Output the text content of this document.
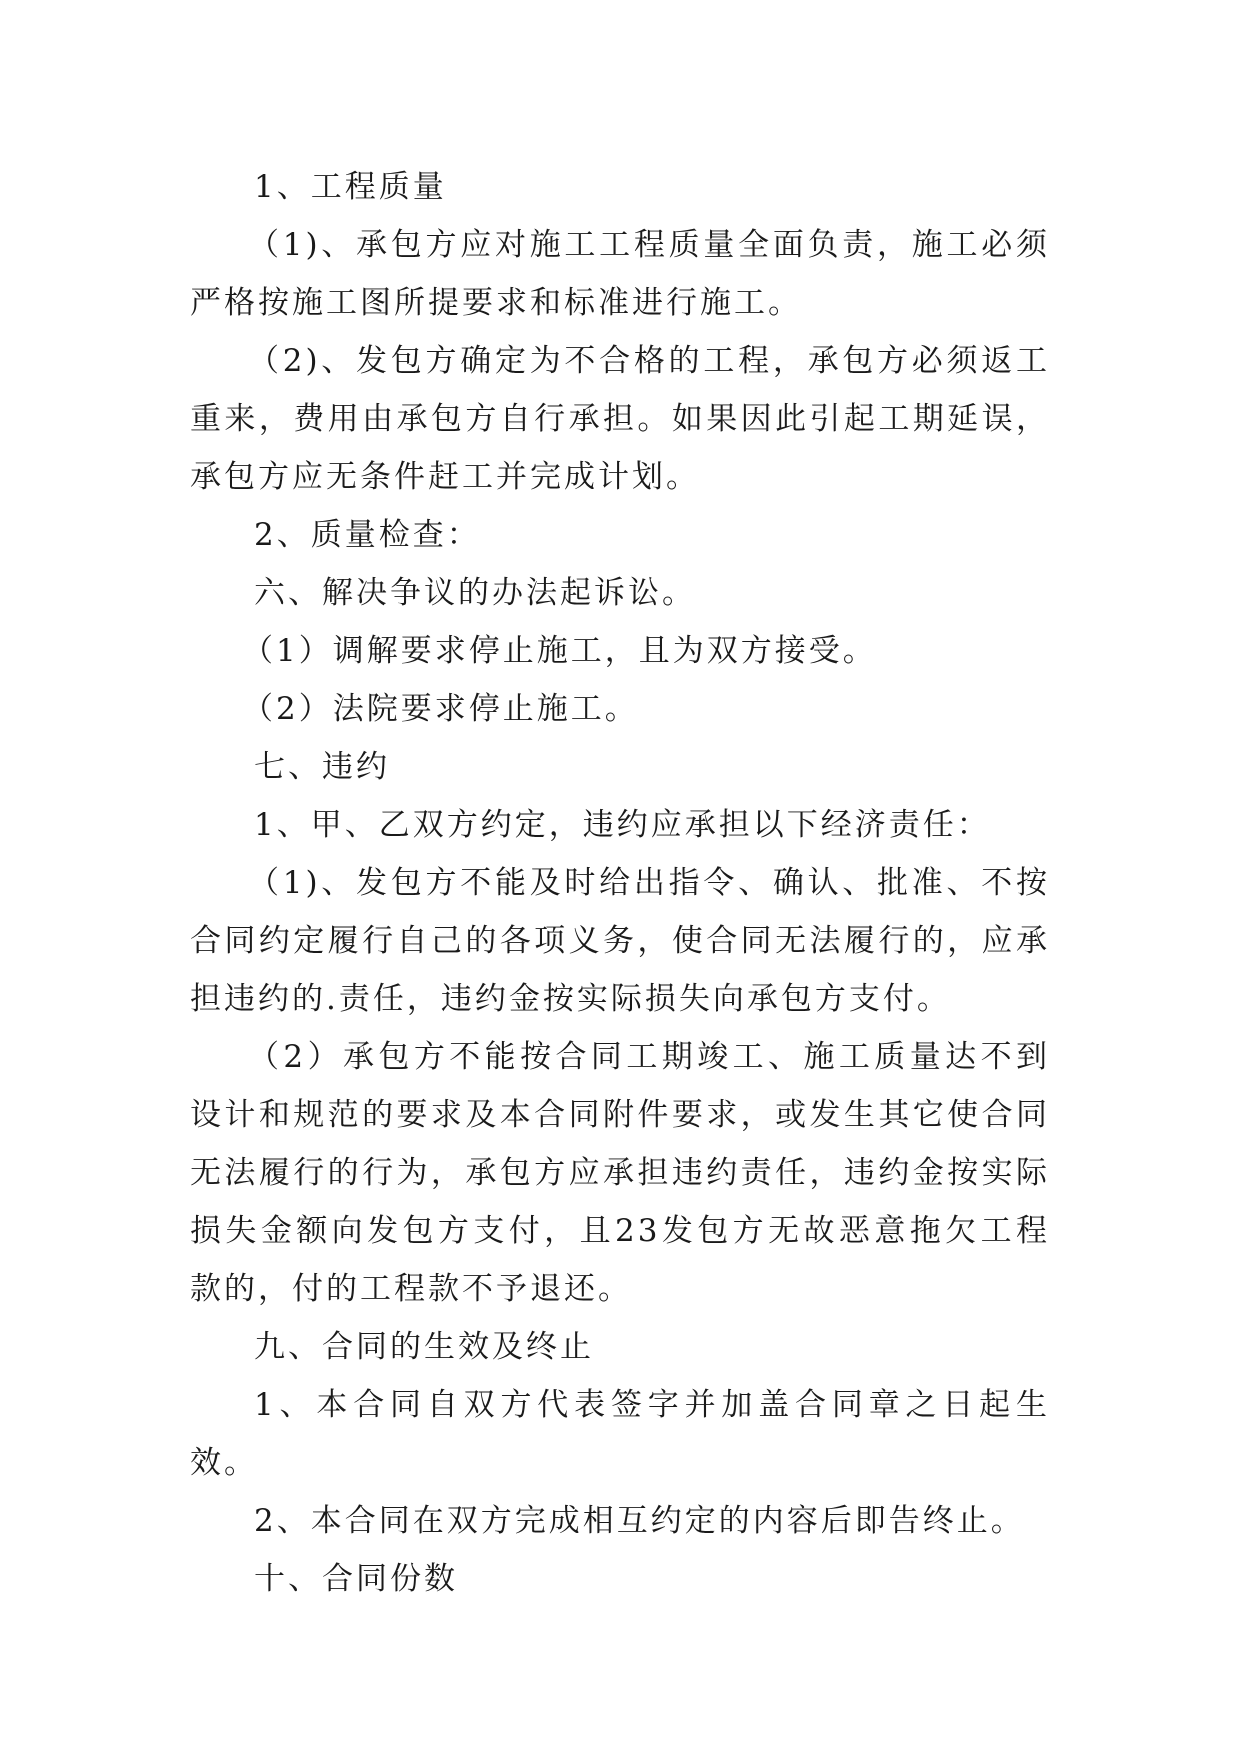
1、工程质量

（1)、承包方应对施工工程质量全面负责，施工必须严格按施工图所提要求和标准进行施工。

（2)、发包方确定为不合格的工程，承包方必须返工重来，费用由承包方自行承担。如果因此引起工期延误，承包方应无条件赶工并完成计划。

2、质量检查：

六、解决争议的办法起诉讼。

（1）调解要求停止施工，且为双方接受。

（2）法院要求停止施工。

七、违约

1、甲、乙双方约定，违约应承担以下经济责任：

（1)、发包方不能及时给出指令、确认、批准、不按合同约定履行自己的各项义务，使合同无法履行的，应承担违约的.责任，违约金按实际损失向承包方支付。

（2）承包方不能按合同工期竣工、施工质量达不到设计和规范的要求及本合同附件要求，或发生其它使合同无法履行的行为，承包方应承担违约责任，违约金按实际损失金额向发包方支付，且23发包方无故恶意拖欠工程款的，付的工程款不予退还。

九、合同的生效及终止

1、本合同自双方代表签字并加盖合同章之日起生效。

2、本合同在双方完成相互约定的内容后即告终止。

十、合同份数
